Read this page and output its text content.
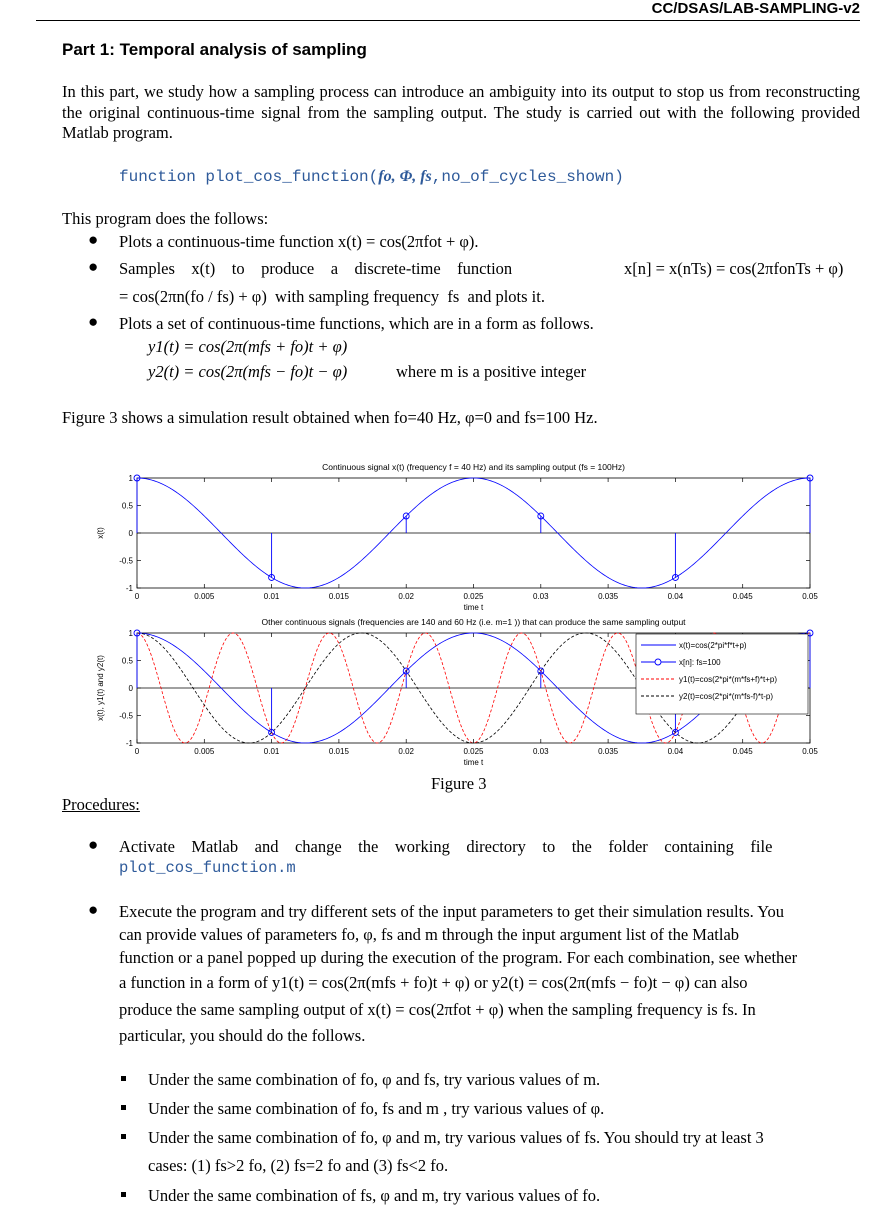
CC/DSAS/LAB-SAMPLING-v2
Part 1: Temporal analysis of sampling
In this part, we study how a sampling process can introduce an ambiguity into its output to stop us from reconstructing the original continuous-time signal from the sampling output. The study is carried out with the following provided Matlab program.
function plot_cos_function(fo, Φ, fs,no_of_cycles_shown)
This program does the follows:
● Plots a continuous-time function x(t) = cos(2πfot + φ).
● Samples    x(t)    to    produce    a    discrete-time    function	x[n] = x(nTs) = cos(2πfonTs + φ)
= cos(2πn(fo / fs) + φ)  with sampling frequency  fs  and plots it.
● Plots a set of continuous-time functions, which are in a form as follows.
y1(t) = cos(2π(mfs + fo)t + φ)
y2(t) = cos(2π(mfs − fo)t − φ)	where m is a positive integer
Figure 3 shows a simulation result obtained when fo=40 Hz, φ=0 and fs=100 Hz.
Continuous signal x(t) (frequency f = 40 Hz) and its sampling output (fs = 100Hz)
0	0.005	0.01	0.015	0.02	0.025	0.03	0.035	0.04	0.045	0.05
time t
1
0.5
0
-0.5
-1
x(t)
Other continuous signals (frequencies are 140 and 60 Hz (i.e. m=1 )) that can produce the same sampling output
0	0.005	0.01	0.015	0.02	0.025	0.03	0.035	0.04	0.045	0.05
time t
1
0.5
0
-0.5
-1
x(t), y1(t) and y2(t)
x(t)=cos(2*pi*f*t+p)
x[n]: fs=100
y1(t)=cos(2*pi*(m*fs+f)*t+p)
y2(t)=cos(2*pi*(m*fs-f)*t-p)
Figure 3
Procedures:
● Activate    Matlab    and    change    the    working    directory    to    the    folder    containing    file
plot_cos_function.m
● Execute the program and try different sets of the input parameters to get their simulation results. You
can provide values of parameters fo, φ, fs and m through the input argument list of the Matlab
function or a panel popped up during the execution of the program. For each combination, see whether
a function in a form of y1(t) = cos(2π(mfs + fo)t + φ) or y2(t) = cos(2π(mfs − fo)t − φ) can also
produce the same sampling output of x(t) = cos(2πfot + φ) when the sampling frequency is fs. In
particular, you should do the follows.
Under the same combination of fo, φ and fs, try various values of m.
Under the same combination of fo, fs and m , try various values of φ.
Under the same combination of fo, φ and m, try various values of fs. You should try at least 3
cases: (1) fs>2 fo, (2) fs=2 fo and (3) fs<2 fo.
Under the same combination of fs, φ and m, try various values of fo.
